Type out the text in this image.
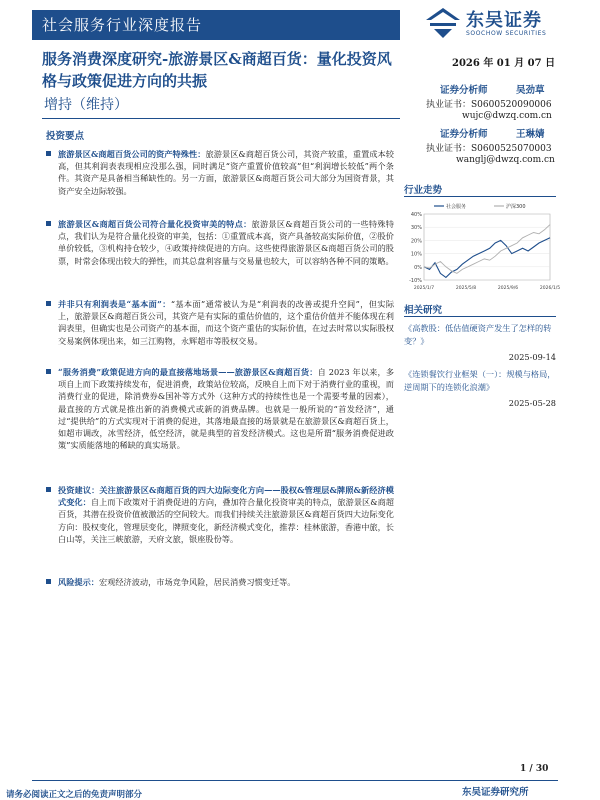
社会服务行业深度报告	东吴证券
SOOCHOW SECURITIES
服务消费深度研究-旅游景区&商超百货：量化投资风格与政策促进方向的共振
增持（维持）
2026 年 01 月 07 日
证券分析师	吴劲草
执业证书：S0600520090006
wujc@dwzq.com.cn
证券分析师	王琳婧
执业证书：S0600525070003
wanglj@dwzq.com.cn
投资要点
旅游景区&商超百货公司的资产特殊性：旅游景区&商超百货公司，其资产较重，重置成本较高，但其利润表表现相应没那么强，同时满足“资产重置价值较高”但“利润增长较低”两个条件。其资产是具备相当稀缺性的。另一方面，旅游景区&商超百货公司大部分为国资背景，其资产安全边际较强。
旅游景区&商超百货公司符合量化投资审美的特点：旅游景区&商超百货公司的一些特殊特点，我们认为是符合量化投资的审美，包括：①重置成本高，资产具备较高实际价值，②股价单价较低，③机构持仓较少，④政策持续促进的方向。这些使得旅游景区&商超百货公司的股票，时常会体现出较大的弹性，而其总盘利容量与交易量也较大，可以容纳各种不同的策略。
并非只有利润表是“基本面”：“基本面”通常被认为是“利润表的改善或提升空间”，但实际上，旅游景区&商超百货公司，其资产是有实际的重估价值的，这个重估价值并不能体现在利润表里，但确实也是公司资产的基本面，而这个资产重估的实际价值，在过去时常以实际股权交易案例体现出来，如三江购物，永辉超市等股权交易。
“服务消费”政策促进方向的最直接落地场景——旅游景区&商超百货：自 2023 年以来，多项自上而下政策持续发布，促进消费，政策站位较高，反映自上而下对于消费行业的重视，而消费行业的促进，除消费券&国补等方式外（这种方式的持续性也是一个需要考量的因素），最直接的方式就是推出新的消费模式或新的消费品牌。也就是一般所说的“首发经济”，通过“提供给”的方式实现对于消费的促进，其落地最直接的场景就是在旅游景区&商超百货上，如超市调改，冰雪经济，低空经济，就是典型的首发经济模式。这也是所谓“服务消费促进政策”实质能落地的稀缺的真实场景。
投资建议：关注旅游景区&商超百货的四大边际变化方向——股权&管理层&牌照&新经济模式变化：自上而下政策对于消费促进的方向，叠加符合量化投资审美的特点，旅游景区&商超百货，其潜在投资价值被激活的空间较大。而我们持续关注旅游景区&商超百货四大边际变化方向：股权变化，管理层变化，牌照变化，新经济模式变化，推荐：桂林旅游，香港中旅，长白山等，关注三峡旅游，天府文旅，银座股份等。
风险提示：宏观经济波动，市场竞争风险，居民消费习惯变迁等。
行业走势
40%
30%
20%
10%
0%
-10%
2025/1/7	2025/5/8	2025/9/6	2026/1/5
社会服务	沪深300
相关研究
《高教股：低估值硬资产发生了怎样的转变？》
2025-09-14
《连锁餐饮行业框架（一）：规模与格局，逆周期下的连锁化浪潮》
2025-05-28
1 / 30
东吴证券研究所
请务必阅读正文之后的免责声明部分
